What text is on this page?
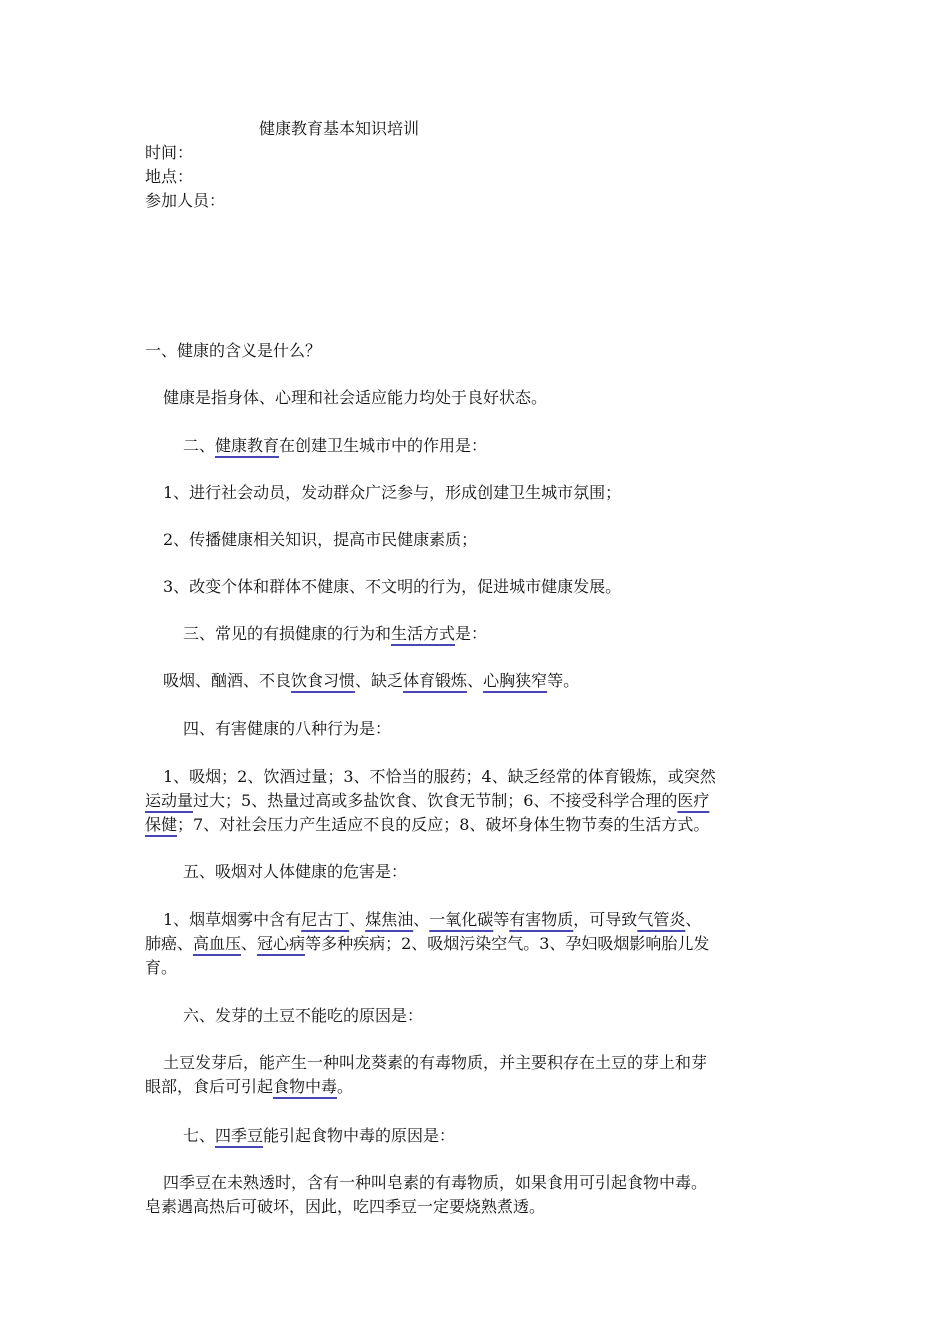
健康教育基本知识培训
时间：
地点：
参加人员：
一、健康的含义是什么？
健康是指身体、心理和社会适应能力均处于良好状态。
二、健康教育在创建卫生城市中的作用是：
1、进行社会动员，发动群众广泛参与，形成创建卫生城市氛围；
2、传播健康相关知识，提高市民健康素质；
3、改变个体和群体不健康、不文明的行为，促进城市健康发展。
三、常见的有损健康的行为和生活方式是：
吸烟、酗酒、不良饮食习惯、缺乏体育锻炼、心胸狭窄等。
四、有害健康的八种行为是：
1、吸烟；2、饮酒过量；3、不恰当的服药；4、缺乏经常的体育锻炼，或突然
运动量过大；5、热量过高或多盐饮食、饮食无节制；6、不接受科学合理的医疗
保健；7、对社会压力产生适应不良的反应；8、破坏身体生物节奏的生活方式。
五、吸烟对人体健康的危害是：
1、烟草烟雾中含有尼古丁、煤焦油、一氧化碳等有害物质，可导致气管炎、
肺癌、高血压、冠心病等多种疾病；2、吸烟污染空气。3、孕妇吸烟影响胎儿发
育。
六、发芽的土豆不能吃的原因是：
土豆发芽后，能产生一种叫龙葵素的有毒物质，并主要积存在土豆的芽上和芽
眼部，食后可引起食物中毒。
七、四季豆能引起食物中毒的原因是：
四季豆在未熟透时，含有一种叫皂素的有毒物质，如果食用可引起食物中毒。
皂素遇高热后可破坏，因此，吃四季豆一定要烧熟煮透。
